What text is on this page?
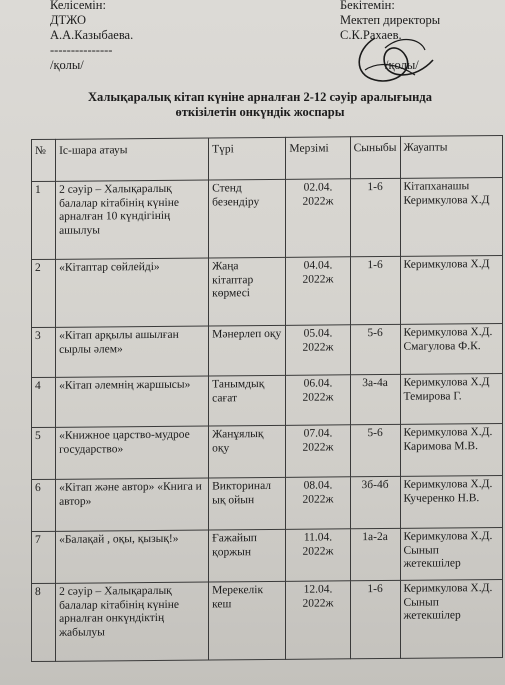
Келісемін:
ДТЖО
А.А.Казыбаева.
---------------
/қолы/
Бекітемін:
Мектеп директоры
С.К.Рахаев.
/қолы/
Халықаралық кітап күніне арналған 2-12 сәуір аралығында
өткізілетін онкүндік жоспары
№	Іс-шара атауы	Түрі	Мерзімі	Сыныбы	Жауапты
1	2 сәуір – Халықаралық балалар кітабінің күніне арналған 10 күндігінің ашылуы	Стенд безендіру	02.04. 2022ж	1-6	Кітапханашы Керимкулова Х.Д
2	«Кітаптар сөйлейді»	Жаңа кітаптар көрмесі	04.04. 2022ж	1-6	Керимкулова Х.Д
3	«Кітап арқылы ашылған сырлы әлем»	Мәнерлеп оқу	05.04. 2022ж	5-6	Керимкулова Х.Д. Смагулова Ф.К.
4	«Кітап әлемнің жаршысы»	Танымдық сағат	06.04. 2022ж	3а-4а	Керимкулова Х.Д Темирова Г.
5	«Книжное царство-мудрое государство»	Жанұялық оқу	07.04. 2022ж	5-6	Керимкулова Х.Д. Каримова М.В.
6	«Кітап және автор» «Книга и автор»	Викторинал ық ойын	08.04. 2022ж	3б-4б	Керимкулова Х.Д. Кучеренко Н.В.
7	«Балақай , оқы, қызық!»	Ғажайып қоржын	11.04. 2022ж	1а-2а	Керимкулова Х.Д. Сынып жетекшілер
8	2 сәуір – Халықаралық балалар кітабінің күніне арналған онкүндіктің жабылуы	Мерекелік кеш	12.04. 2022ж	1-6	Керимкулова Х.Д. Сынып жетекшілер
